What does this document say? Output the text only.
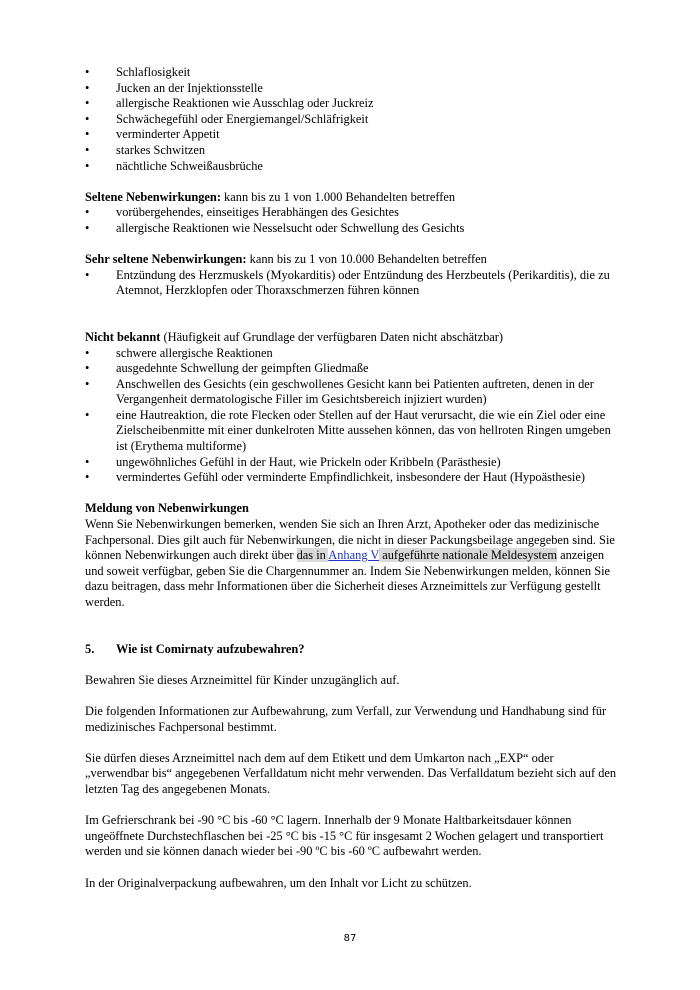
• Schlaflosigkeit
• Jucken an der Injektionsstelle
• allergische Reaktionen wie Ausschlag oder Juckreiz
• Schwächegefühl oder Energiemangel/Schläfrigkeit
• verminderter Appetit
• starkes Schwitzen
• nächtliche Schweißausbrüche

Seltene Nebenwirkungen: kann bis zu 1 von 1.000 Behandelten betreffen

• vorübergehendes, einseitiges Herabhängen des Gesichtes
• allergische Reaktionen wie Nesselsucht oder Schwellung des Gesichts

Sehr seltene Nebenwirkungen: kann bis zu 1 von 10.000 Behandelten betreffen

• Entzündung des Herzmuskels (Myokarditis) oder Entzündung des Herzbeutels (Perikarditis), die zu Atemnot, Herzklopfen oder Thoraxschmerzen führen können

Nicht bekannt (Häufigkeit auf Grundlage der verfügbaren Daten nicht abschätzbar)

• schwere allergische Reaktionen
• ausgedehnte Schwellung der geimpften Gliedmaße
• Anschwellen des Gesichts (ein geschwollenes Gesicht kann bei Patienten auftreten, denen in der Vergangenheit dermatologische Filler im Gesichtsbereich injiziert wurden)
• eine Hautreaktion, die rote Flecken oder Stellen auf der Haut verursacht, die wie ein Ziel oder eine Zielscheibenmitte mit einer dunkelroten Mitte aussehen können, das von hellroten Ringen umgeben ist (Erythema multiforme)
• ungewöhnliches Gefühl in der Haut, wie Prickeln oder Kribbeln (Parästhesie)
• vermindertes Gefühl oder verminderte Empfindlichkeit, insbesondere der Haut (Hypoästhesie)

Meldung von Nebenwirkungen

Wenn Sie Nebenwirkungen bemerken, wenden Sie sich an Ihren Arzt, Apotheker oder das medizinische Fachpersonal. Dies gilt auch für Nebenwirkungen, die nicht in dieser Packungsbeilage angegeben sind. Sie können Nebenwirkungen auch direkt über das in Anhang V aufgeführte nationale Meldesystem anzeigen und soweit verfügbar, geben Sie die Chargennummer an. Indem Sie Nebenwirkungen melden, können Sie dazu beitragen, dass mehr Informationen über die Sicherheit dieses Arzneimittels zur Verfügung gestellt werden.

5. Wie ist Comirnaty aufzubewahren?

Bewahren Sie dieses Arzneimittel für Kinder unzugänglich auf.

Die folgenden Informationen zur Aufbewahrung, zum Verfall, zur Verwendung und Handhabung sind für medizinisches Fachpersonal bestimmt.

Sie dürfen dieses Arzneimittel nach dem auf dem Etikett und dem Umkarton nach „EXP“ oder „verwendbar bis“ angegebenen Verfalldatum nicht mehr verwenden. Das Verfalldatum bezieht sich auf den letzten Tag des angegebenen Monats.

Im Gefrierschrank bei -90 °C bis -60 °C lagern. Innerhalb der 9 Monate Haltbarkeitsdauer können ungeöffnete Durchstechflaschen bei -25 °C bis -15 °C für insgesamt 2 Wochen gelagert und transportiert werden und sie können danach wieder bei -90 ºC bis -60 ºC aufbewahrt werden.

In der Originalverpackung aufbewahren, um den Inhalt vor Licht zu schützen.

87
